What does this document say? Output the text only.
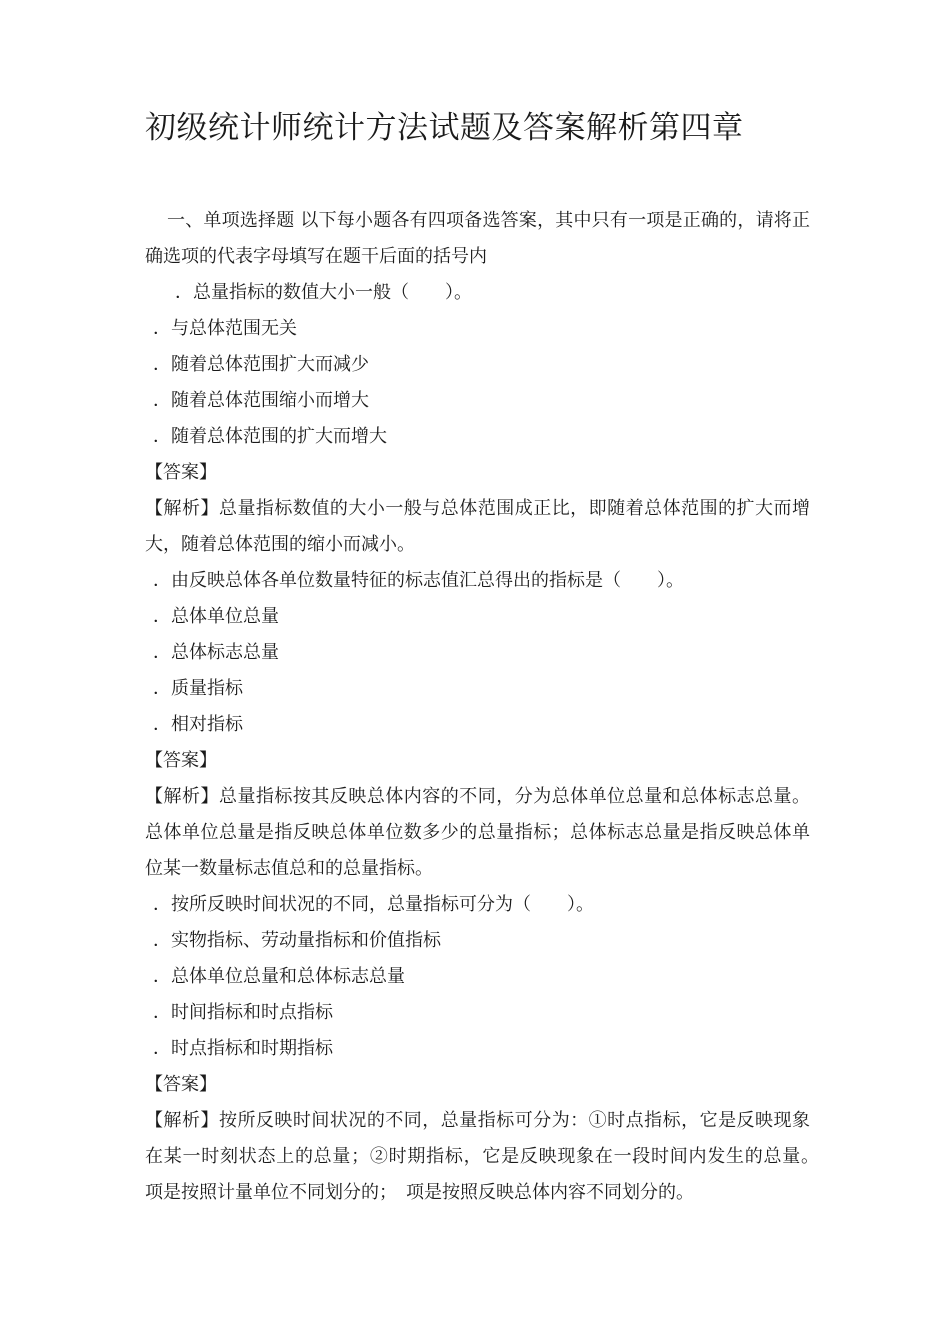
初级统计师统计方法试题及答案解析第四章

一、单项选择题 以下每小题各有四项备选答案，其中只有一项是正确的，请将正确选项的代表字母填写在题干后面的括号内

．总量指标的数值大小一般（　　）。

．与总体范围无关

．随着总体范围扩大而减少

．随着总体范围缩小而增大

．随着总体范围的扩大而增大

【答案】

【解析】总量指标数值的大小一般与总体范围成正比，即随着总体范围的扩大而增大，随着总体范围的缩小而减小。

．由反映总体各单位数量特征的标志值汇总得出的指标是（　　）。

．总体单位总量

．总体标志总量

．质量指标

．相对指标

【答案】

【解析】总量指标按其反映总体内容的不同，分为总体单位总量和总体标志总量。总体单位总量是指反映总体单位数多少的总量指标；总体标志总量是指反映总体单位某一数量标志值总和的总量指标。

．按所反映时间状况的不同，总量指标可分为（　　）。

．实物指标、劳动量指标和价值指标

．总体单位总量和总体标志总量

．时间指标和时点指标

．时点指标和时期指标

【答案】

【解析】按所反映时间状况的不同，总量指标可分为：①时点指标，它是反映现象在某一时刻状态上的总量；②时期指标，它是反映现象在一段时间内发生的总量。　项是按照计量单位不同划分的；　项是按照反映总体内容不同划分的。
